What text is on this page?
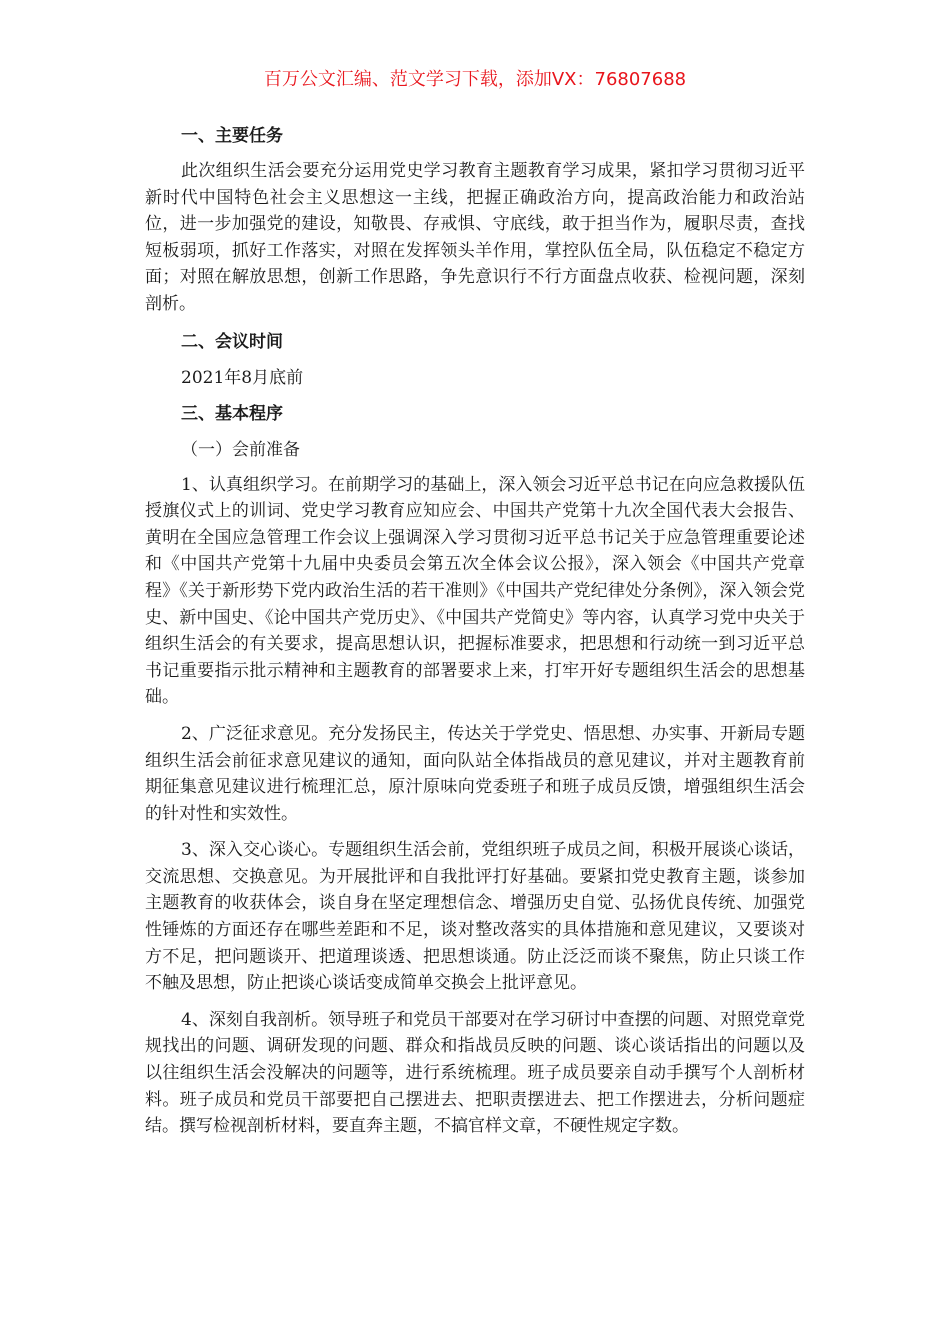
百万公文汇编、范文学习下载，添加VX：76807688

一、主要任务

此次组织生活会要充分运用党史学习教育主题教育学习成果，紧扣学习贯彻习近平新时代中国特色社会主义思想这一主线，把握正确政治方向，提高政治能力和政治站位，进一步加强党的建设，知敬畏、存戒惧、守底线，敢于担当作为，履职尽责，查找短板弱项，抓好工作落实，对照在发挥领头羊作用，掌控队伍全局，队伍稳定不稳定方面；对照在解放思想，创新工作思路，争先意识行不行方面盘点收获、检视问题，深刻剖析。

二、会议时间

2021年8月底前

三、基本程序

（一）会前准备

1、认真组织学习。在前期学习的基础上，深入领会习近平总书记在向应急救援队伍授旗仪式上的训词、党史学习教育应知应会、中国共产党第十九次全国代表大会报告、黄明在全国应急管理工作会议上强调深入学习贯彻习近平总书记关于应急管理重要论述和《中国共产党第十九届中央委员会第五次全体会议公报》，深入领会《中国共产党章程》《关于新形势下党内政治生活的若干准则》《中国共产党纪律处分条例》，深入领会党史、新中国史、《论中国共产党历史》、《中国共产党简史》等内容，认真学习党中央关于组织生活会的有关要求，提高思想认识，把握标准要求，把思想和行动统一到习近平总书记重要指示批示精神和主题教育的部署要求上来，打牢开好专题组织生活会的思想基础。

2、广泛征求意见。充分发扬民主，传达关于学党史、悟思想、办实事、开新局专题组织生活会前征求意见建议的通知，面向队站全体指战员的意见建议，并对主题教育前期征集意见建议进行梳理汇总，原汁原味向党委班子和班子成员反馈，增强组织生活会的针对性和实效性。

3、深入交心谈心。专题组织生活会前，党组织班子成员之间，积极开展谈心谈话，交流思想、交换意见。为开展批评和自我批评打好基础。要紧扣党史教育主题，谈参加主题教育的收获体会，谈自身在坚定理想信念、增强历史自觉、弘扬优良传统、加强党性锤炼的方面还存在哪些差距和不足，谈对整改落实的具体措施和意见建议，又要谈对方不足，把问题谈开、把道理谈透、把思想谈通。防止泛泛而谈不聚焦，防止只谈工作不触及思想，防止把谈心谈话变成简单交换会上批评意见。

4、深刻自我剖析。领导班子和党员干部要对在学习研讨中查摆的问题、对照党章党规找出的问题、调研发现的问题、群众和指战员反映的问题、谈心谈话指出的问题以及以往组织生活会没解决的问题等，进行系统梳理。班子成员要亲自动手撰写个人剖析材料。班子成员和党员干部要把自己摆进去、把职责摆进去、把工作摆进去，分析问题症结。撰写检视剖析材料，要直奔主题，不搞官样文章，不硬性规定字数。
